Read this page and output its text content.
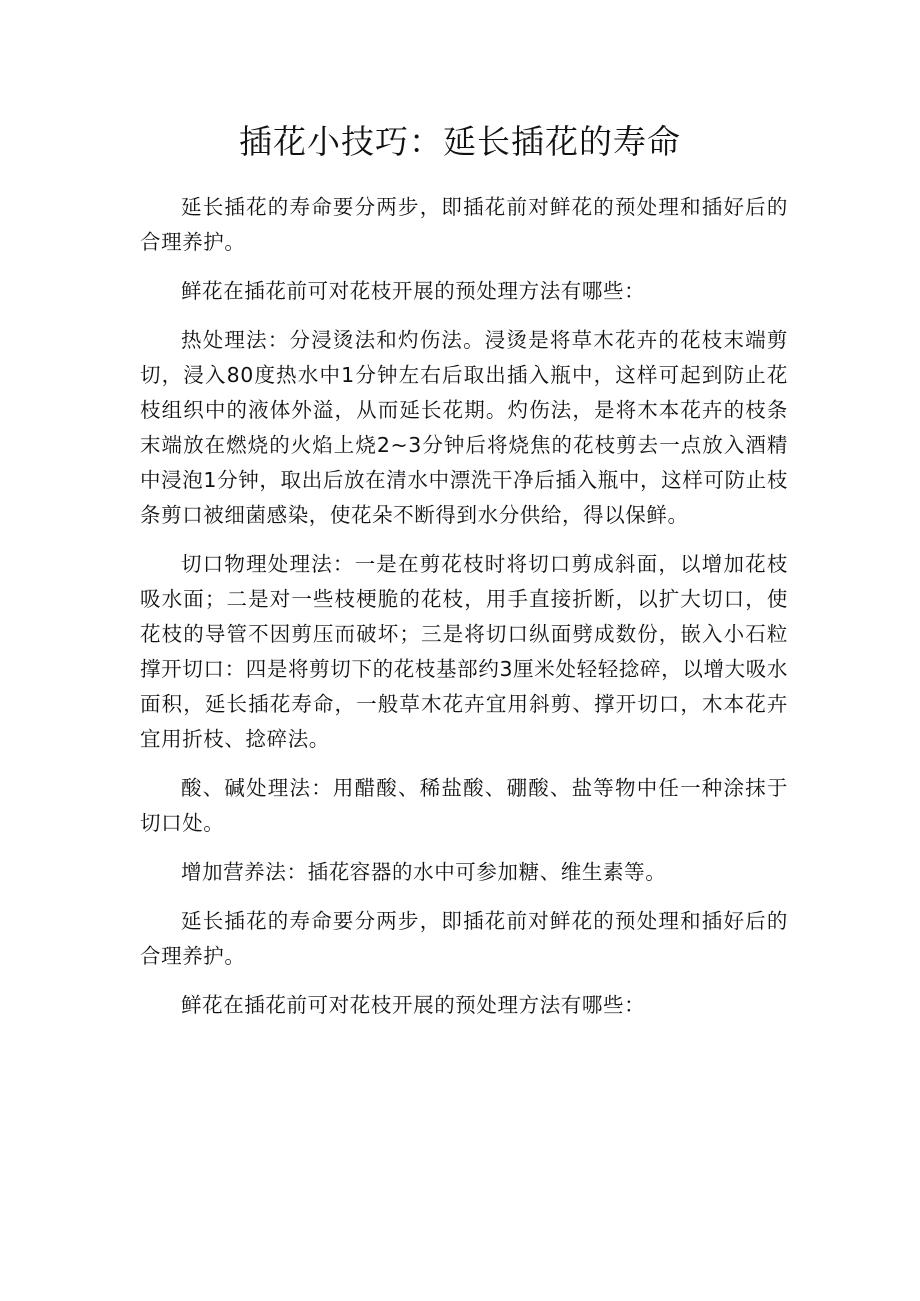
插花小技巧：延长插花的寿命

延长插花的寿命要分两步，即插花前对鲜花的预处理和插好后的合理养护。

鲜花在插花前可对花枝开展的预处理方法有哪些：

热处理法：分浸烫法和灼伤法。浸烫是将草木花卉的花枝末端剪切，浸入80度热水中1分钟左右后取出插入瓶中，这样可起到防止花枝组织中的液体外溢，从而延长花期。灼伤法，是将木本花卉的枝条末端放在燃烧的火焰上烧2~3分钟后将烧焦的花枝剪去一点放入酒精中浸泡1分钟，取出后放在清水中漂洗干净后插入瓶中，这样可防止枝条剪口被细菌感染，使花朵不断得到水分供给，得以保鲜。

切口物理处理法：一是在剪花枝时将切口剪成斜面，以增加花枝吸水面；二是对一些枝梗脆的花枝，用手直接折断，以扩大切口，使花枝的导管不因剪压而破坏；三是将切口纵面劈成数份，嵌入小石粒撑开切口：四是将剪切下的花枝基部约3厘米处轻轻捻碎，以增大吸水面积，延长插花寿命，一般草木花卉宜用斜剪、撑开切口，木本花卉宜用折枝、捻碎法。

酸、碱处理法：用醋酸、稀盐酸、硼酸、盐等物中任一种涂抹于切口处。

增加营养法：插花容器的水中可参加糖、维生素等。

延长插花的寿命要分两步，即插花前对鲜花的预处理和插好后的合理养护。

鲜花在插花前可对花枝开展的预处理方法有哪些：
